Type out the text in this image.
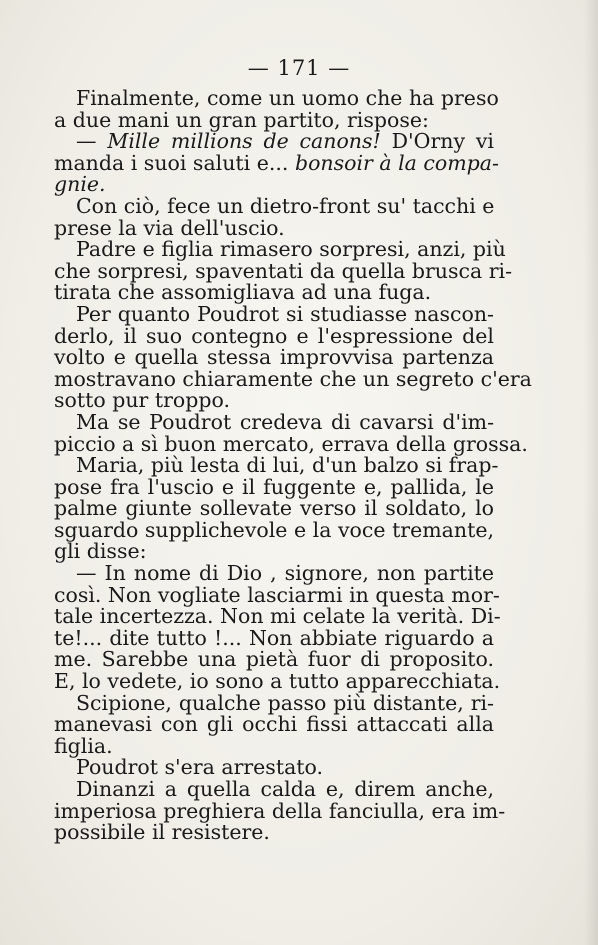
— 171 —
Finalmente, come un uomo che ha preso
a due mani un gran partito, rispose:
— Mille millions de canons! D'Orny vi
manda i suoi saluti e... bonsoir à la compa-
gnie.
Con ciò, fece un dietro-front su' tacchi e
prese la via dell'uscio.
Padre e figlia rimasero sorpresi, anzi, più
che sorpresi, spaventati da quella brusca ri-
tirata che assomigliava ad una fuga.
Per quanto Poudrot si studiasse nascon-
derlo, il suo contegno e l'espressione del
volto e quella stessa improvvisa partenza
mostravano chiaramente che un segreto c'era
sotto pur troppo.
Ma se Poudrot credeva di cavarsi d'im-
piccio a sì buon mercato, errava della grossa.
Maria, più lesta di lui, d'un balzo si frap-
pose fra l'uscio e il fuggente e, pallida, le
palme giunte sollevate verso il soldato, lo
sguardo supplichevole e la voce tremante,
gli disse:
— In nome di Dio , signore, non partite
così. Non vogliate lasciarmi in questa mor-
tale incertezza. Non mi celate la verità. Di-
te!... dite tutto !... Non abbiate riguardo a
me. Sarebbe una pietà fuor di proposito.
E, lo vedete, io sono a tutto apparecchiata.
Scipione, qualche passo più distante, ri-
manevasi con gli occhi fissi attaccati alla
figlia.
Poudrot s'era arrestato.
Dinanzi a quella calda e, direm anche,
imperiosa preghiera della fanciulla, era im-
possibile il resistere.
